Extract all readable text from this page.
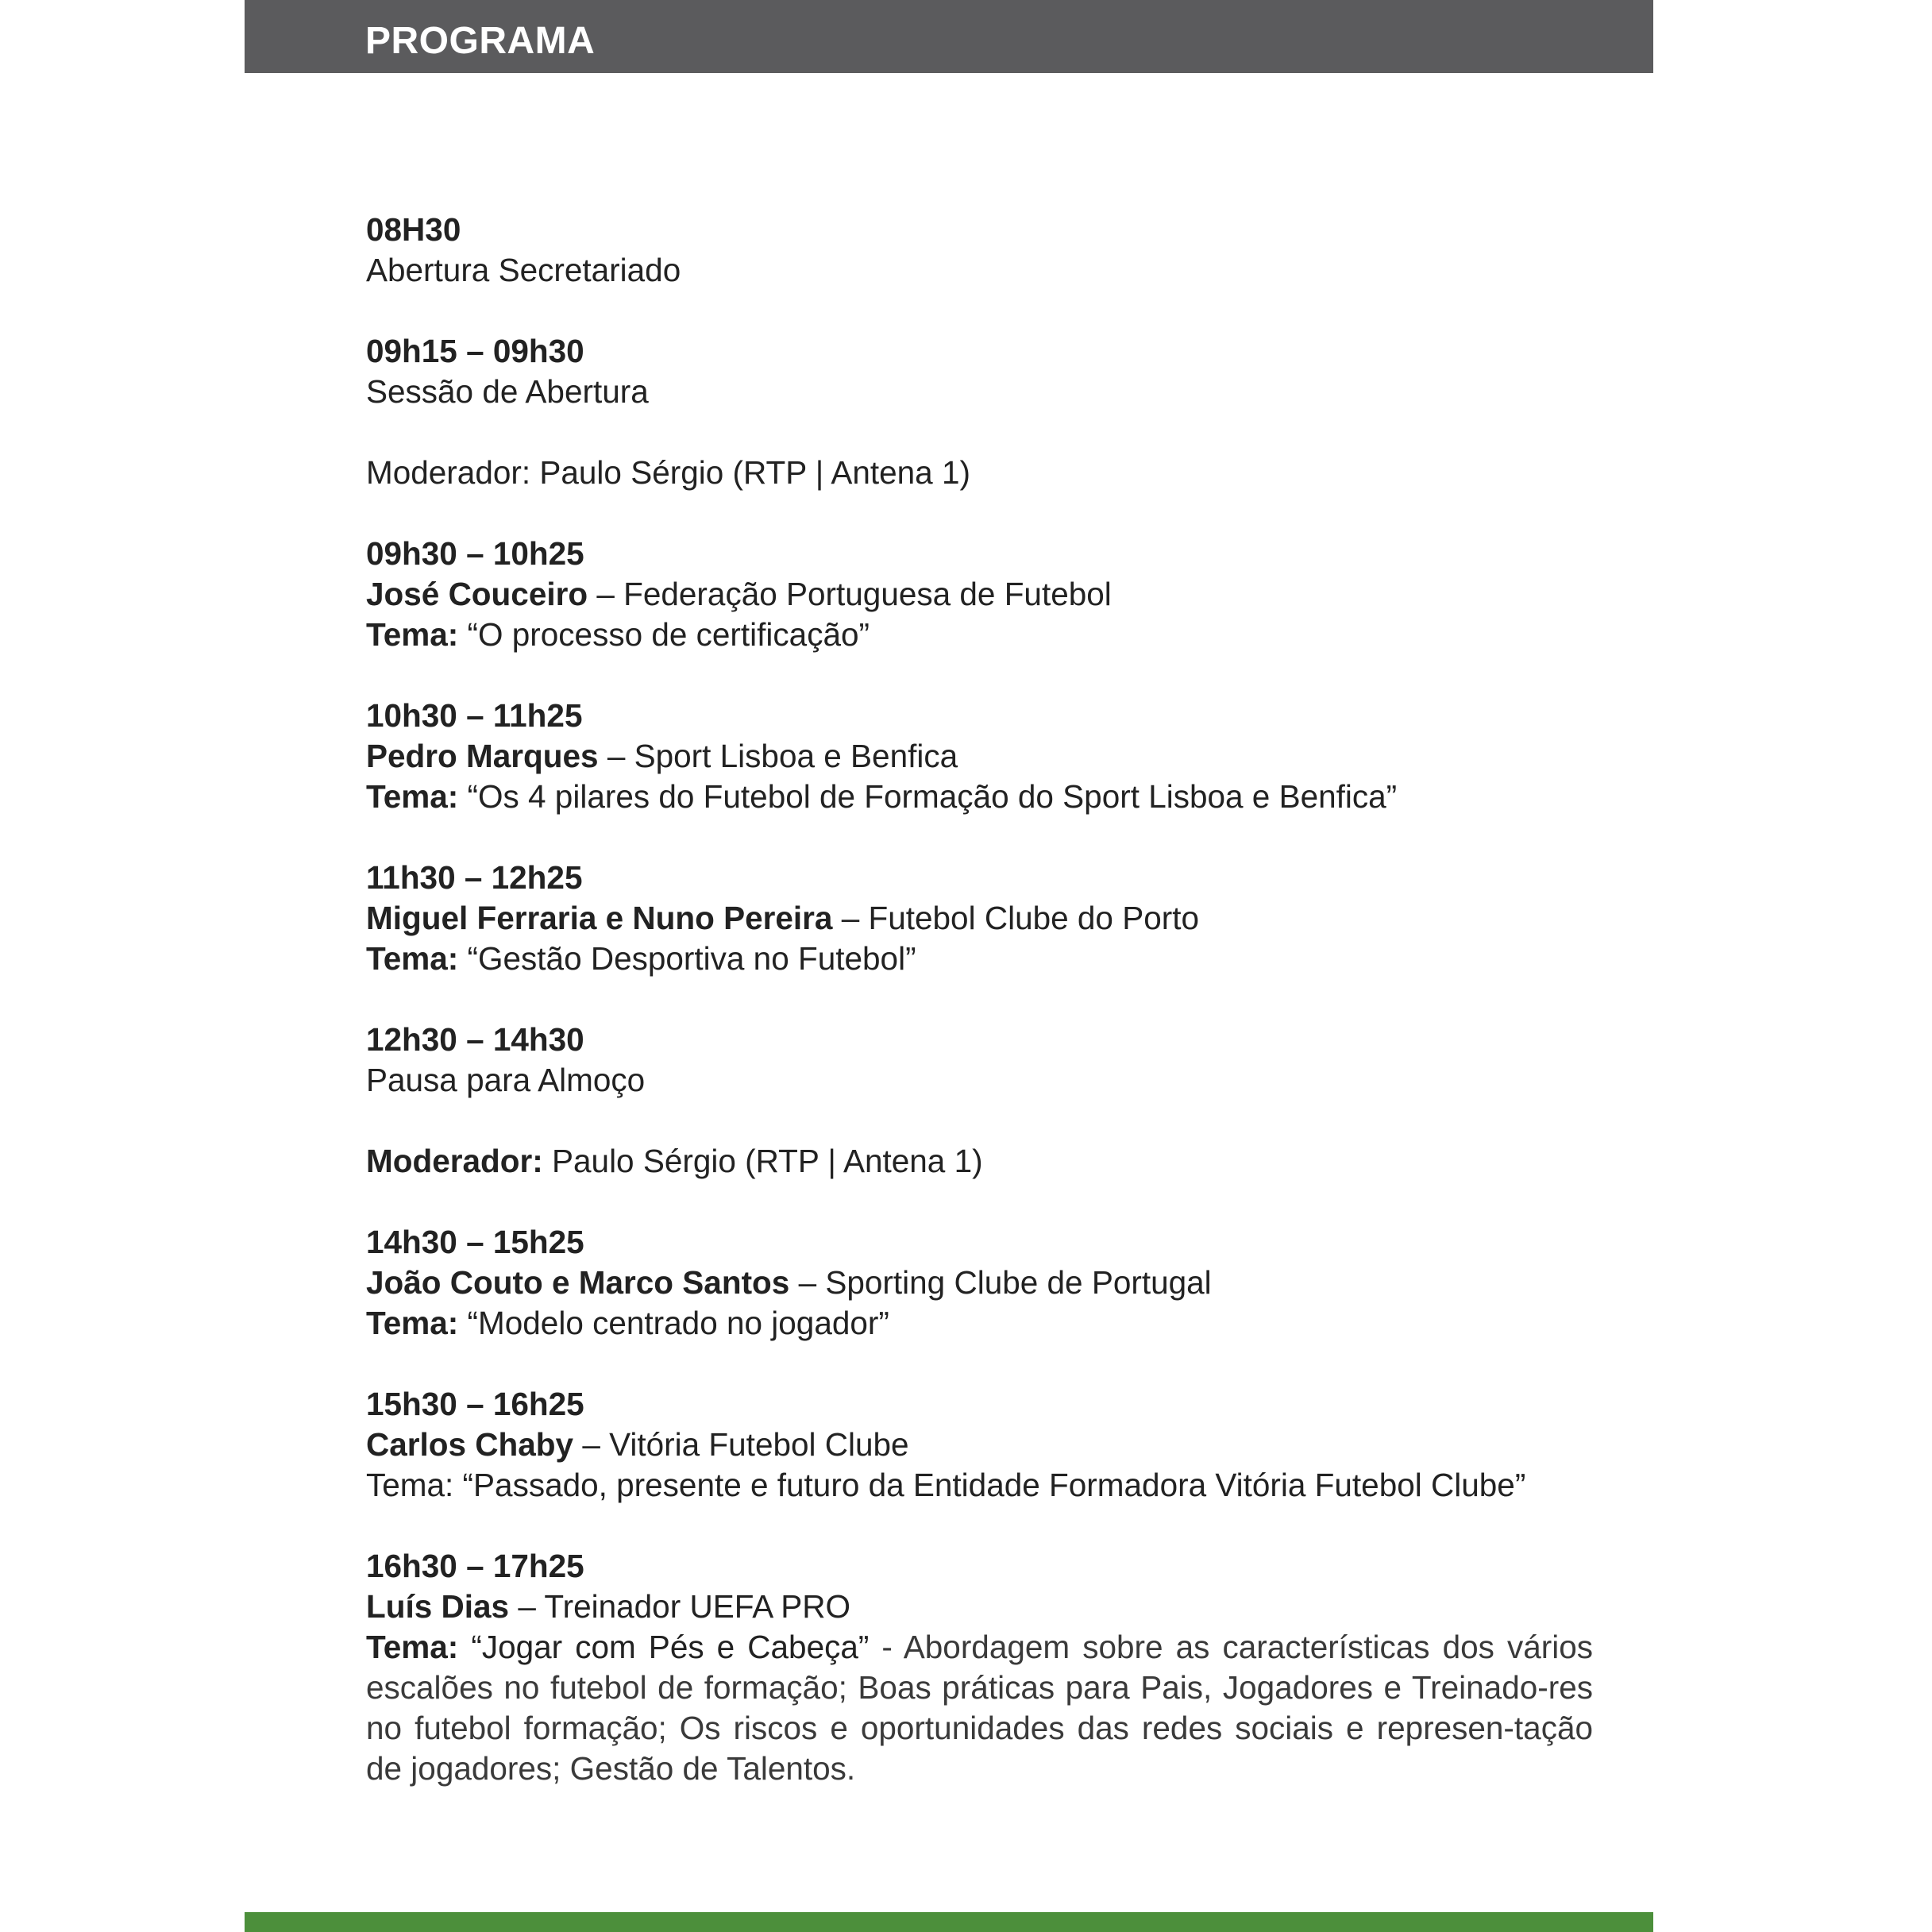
PROGRAMA
08H30
Abertura Secretariado
09h15 – 09h30
Sessão de Abertura
Moderador: Paulo Sérgio (RTP | Antena 1)
09h30 – 10h25
José Couceiro – Federação Portuguesa de Futebol
Tema: “O processo de certificação”
10h30 – 11h25
Pedro Marques – Sport Lisboa e Benfica
Tema: “Os 4 pilares do Futebol de Formação do Sport Lisboa e Benfica”
11h30 – 12h25
Miguel Ferraria e Nuno Pereira – Futebol Clube do Porto
Tema: “Gestão Desportiva no Futebol”
12h30 – 14h30
Pausa para Almoço
Moderador: Paulo Sérgio (RTP | Antena 1)
14h30 – 15h25
João Couto e Marco Santos – Sporting Clube de Portugal
Tema: “Modelo centrado no jogador”
15h30 – 16h25
Carlos Chaby – Vitória Futebol Clube
Tema: “Passado, presente e futuro da Entidade Formadora Vitória Futebol Clube”
16h30 – 17h25
Luís Dias – Treinador UEFA PRO
Tema: “Jogar com Pés e Cabeça” - Abordagem sobre as características dos vários escalões no futebol de formação; Boas práticas para Pais, Jogadores e Treinado-res no futebol formação; Os riscos e oportunidades das redes sociais e represen-tação de jogadores; Gestão de Talentos.
